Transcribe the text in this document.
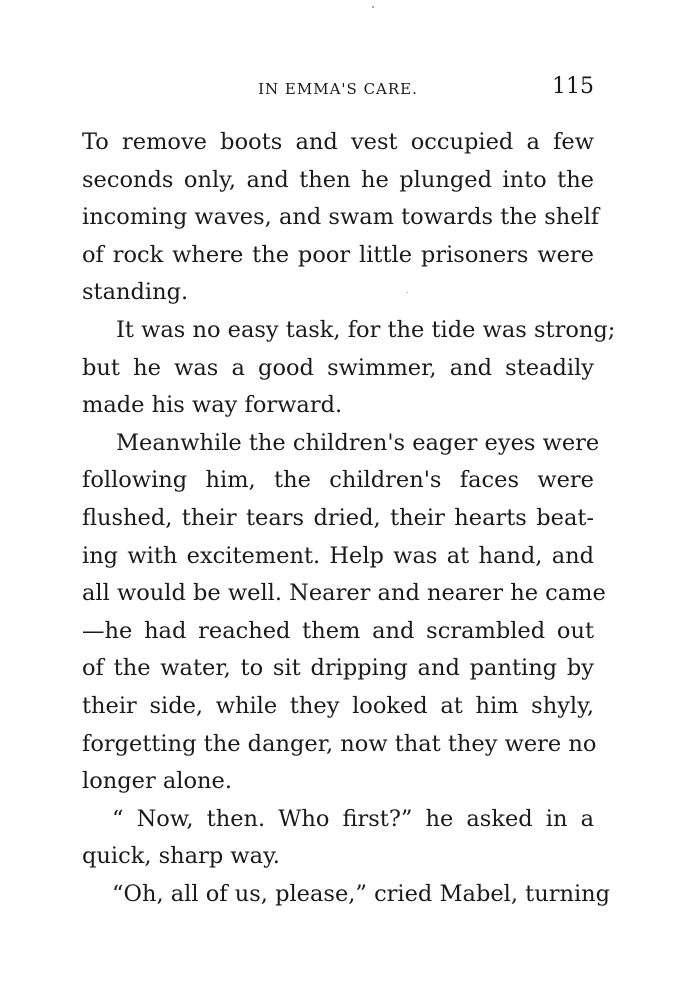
IN EMMA'S CARE.	115
To remove boots and vest occupied a few
seconds only, and then he plunged into the
incoming waves, and swam towards the shelf
of rock where the poor little prisoners were
standing.
It was no easy task, for the tide was strong;
but he was a good swimmer, and steadily
made his way forward.
Meanwhile the children's eager eyes were
following him, the children's faces were
flushed, their tears dried, their hearts beat-
ing with excitement. Help was at hand, and
all would be well. Nearer and nearer he came
—he had reached them and scrambled out
of the water, to sit dripping and panting by
their side, while they looked at him shyly,
forgetting the danger, now that they were no
longer alone.
“ Now, then. Who first?” he asked in a
quick, sharp way.
“Oh, all of us, please,” cried Mabel, turning
